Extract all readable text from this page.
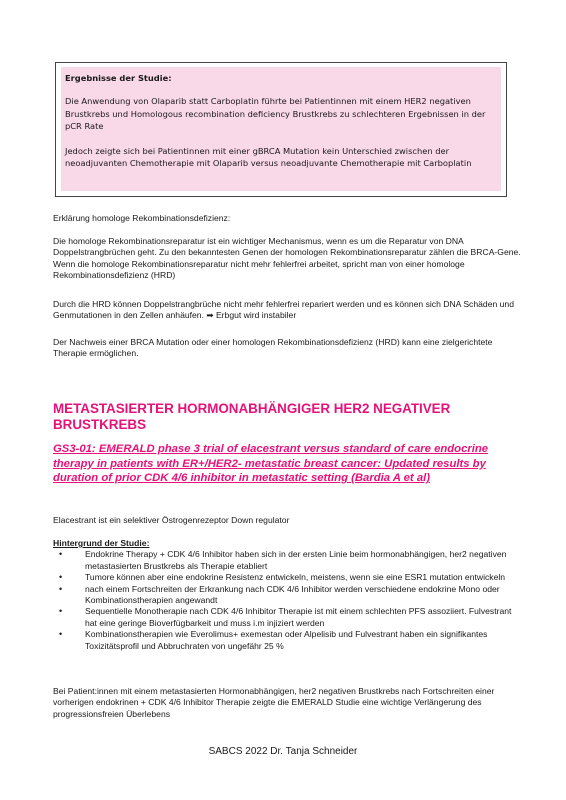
Ergebnisse der Studie:

Die Anwendung von Olaparib statt Carboplatin führte bei Patientinnen mit einem HER2 negativen Brustkrebs und Homologous recombination deficiency Brustkrebs zu schlechteren Ergebnissen in der pCR Rate

Jedoch zeigte sich bei Patientinnen mit einer gBRCA Mutation kein Unterschied zwischen der neoadjuvanten Chemotherapie mit Olaparib versus neoadjuvante Chemotherapie mit Carboplatin

Erklärung homologe Rekombinationsdefizienz:

Die homologe Rekombinationsreparatur ist ein wichtiger Mechanismus, wenn es um die Reparatur von DNA Doppelstrangbrüchen geht. Zu den bekanntesten Genen der homologen Rekombinationsreparatur zählen die BRCA-Gene. Wenn die homologe Rekombinationsreparatur nicht mehr fehlerfrei arbeitet, spricht man von einer homologe Rekombinationsdefizienz (HRD)

Durch die HRD können Doppelstrangbrüche nicht mehr fehlerfrei repariert werden und es können sich DNA Schäden und Genmutationen in den Zellen anhäufen. ➡ Erbgut wird instabiler

Der Nachweis einer BRCA Mutation oder einer homologen Rekombinationsdefizienz (HRD) kann eine zielgerichtete Therapie ermöglichen.

METASTASIERTER HORMONABHÄNGIGER HER2 NEGATIVER BRUSTKREBS
GS3-01: EMERALD phase 3 trial of elacestrant versus standard of care endocrine therapy in patients with ER+/HER2- metastatic breast cancer: Updated results by duration of prior CDK 4/6 inhibitor in metastatic setting (Bardia A et al)

Elacestrant ist ein selektiver Östrogenrezeptor Down regulator

Hintergrund der Studie:

•	Endokrine Therapy + CDK 4/6 Inhibitor haben sich in der ersten Linie beim hormonabhängigen, her2 negativen metastasierten Brustkrebs als Therapie etabliert
•	Tumore können aber eine endokrine Resistenz entwickeln, meistens, wenn sie eine ESR1 mutation entwickeln
•	nach einem Fortschreiten der Erkrankung nach CDK 4/6 Inhibitor werden verschiedene endokrine Mono oder Kombinationstherapien angewandt
•	Sequentielle Monotherapie nach CDK 4/6 Inhibitor Therapie ist mit einem schlechten PFS assoziiert. Fulvestrant hat eine geringe Bioverfügbarkeit und muss i.m injiziert werden
•	Kombinationstherapien wie Everolimus+ exemestan oder Alpelisib und Fulvestrant haben ein signifikantes Toxizitätsprofil und Abbruchraten von ungefähr 25 %

Bei Patient:innen mit einem metastasierten Hormonabhängigen, her2 negativen Brustkrebs nach Fortschreiten einer vorherigen endokrinen + CDK 4/6 Inhibitor Therapie zeigte die EMERALD Studie eine wichtige Verlängerung des progressionsfreien Überlebens

SABCS 2022 Dr. Tanja Schneider
